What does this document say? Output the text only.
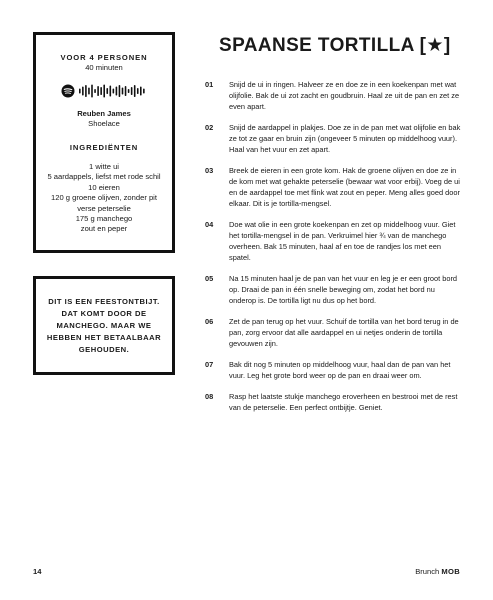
VOOR 4 PERSONEN
40 minuten
Reuben James
Shoelace
INGREDIËNTEN
1 witte ui
5 aardappels, liefst met rode schil
10 eieren
120 g groene olijven, zonder pit
verse peterselie
175 g manchego
zout en peper
DIT IS EEN FEESTONTBIJT. DAT KOMT DOOR DE MANCHEGO. MAAR WE HEBBEN HET BETAALBAAR GEHOUDEN.
SPAANSE TORTILLA [★]
01	Snijd de ui in ringen. Halveer ze en doe ze in een koekenpan met wat olijfolie. Bak de ui zot zacht en goudbruin. Haal ze uit de pan en zet ze even apart.
02	Snijd de aardappel in plakjes. Doe ze in de pan met wat olijfolie en bak ze tot ze gaar en bruin zijn (ongeveer 5 minuten op middelhoog vuur). Haal van het vuur en zet apart.
03	Breek de eieren in een grote kom. Hak de groene olijven en doe ze in de kom met wat gehakte peterselie (bewaar wat voor erbij). Voeg de ui en de aardappel toe met flink wat zout en peper. Meng alles goed door elkaar. Dit is je tortilla-mengsel.
04	Doe wat olie in een grote koekenpan en zet op middelhoog vuur. Giet het tortilla-mengsel in de pan. Verkruimel hier ¾ van de manchego overheen. Bak 15 minuten, haal af en toe de randjes los met een spatel.
05	Na 15 minuten haal je de pan van het vuur en leg je er een groot bord op. Draai de pan in één snelle beweging om, zodat het bord nu onderop is. De tortilla ligt nu dus op het bord.
06	Zet de pan terug op het vuur. Schuif de tortilla van het bord terug in de pan, zorg ervoor dat alle aardappel en ui netjes onderin de tortilla gevouwen zijn.
07	Bak dit nog 5 minuten op middelhoog vuur, haal dan de pan van het vuur. Leg het grote bord weer op de pan en draai weer om.
08	Rasp het laatste stukje manchego eroverheen en bestrooi met de rest van de peterselie. Een perfect ontbijtje. Geniet.
14	Brunch MOB
